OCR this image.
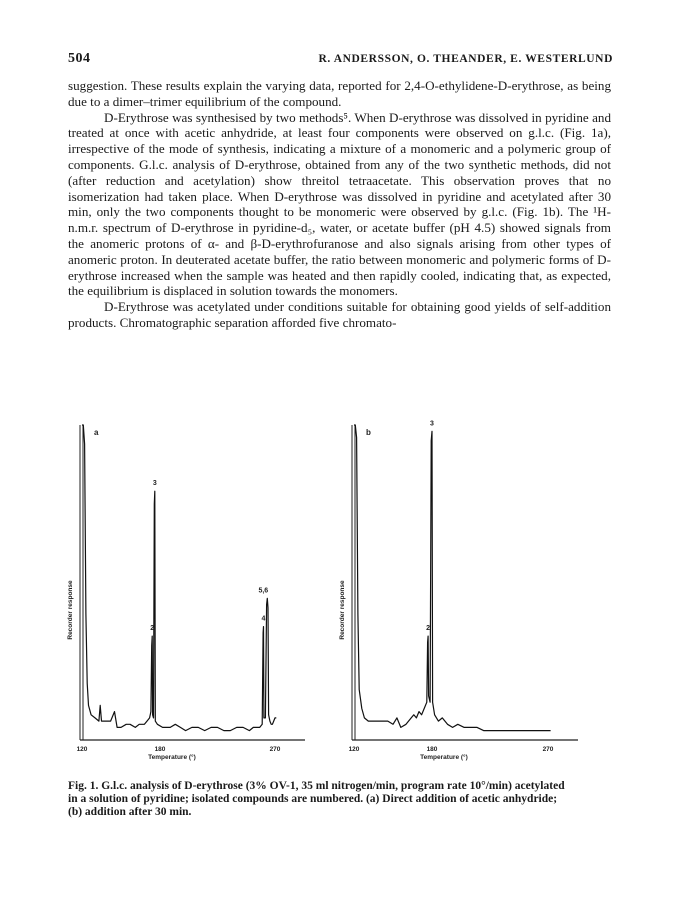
504	R. ANDERSSON, O. THEANDER, E. WESTERLUND

suggestion. These results explain the varying data, reported for 2,4-O-ethylidene-D-erythrose, as being due to a dimer–trimer equilibrium of the compound.

D-Erythrose was synthesised by two methods⁵. When D-erythrose was dissolved in pyridine and treated at once with acetic anhydride, at least four components were observed on g.l.c. (Fig. 1a), irrespective of the mode of synthesis, indicating a mixture of a monomeric and a polymeric group of components. G.l.c. analysis of D-erythrose, obtained from any of the two synthetic methods, did not (after reduction and acetylation) show threitol tetraacetate. This observation proves that no isomerization had taken place. When D-erythrose was dissolved in pyridine and acetylated after 30 min, only the two components thought to be monomeric were observed by g.l.c. (Fig. 1b). The ¹H-n.m.r. spectrum of D-erythrose in pyridine-d₅, water, or acetate buffer (pH 4.5) showed signals from the anomeric protons of α- and β-D-erythrofuranose and also signals arising from other types of anomeric proton. In deuterated acetate buffer, the ratio between monomeric and polymeric forms of D-erythrose increased when the sample was heated and then rapidly cooled, indicating that, as expected, the equilibrium is displaced in solution towards the monomers.

D-Erythrose was acetylated under conditions suitable for obtaining good yields of self-addition products. Chromatographic separation afforded five chromato-

a
3
2
5,6
4
120	180	270
Temperature (°)
Recorder response
b
3
2
120	180	270
Temperature (°)
Recorder response

Fig. 1. G.l.c. analysis of D-erythrose (3% OV-1, 35 ml nitrogen/min, program rate 10°/min) acetylated

in a solution of pyridine; isolated compounds are numbered. (a) Direct addition of acetic anhydride;

(b) addition after 30 min.
